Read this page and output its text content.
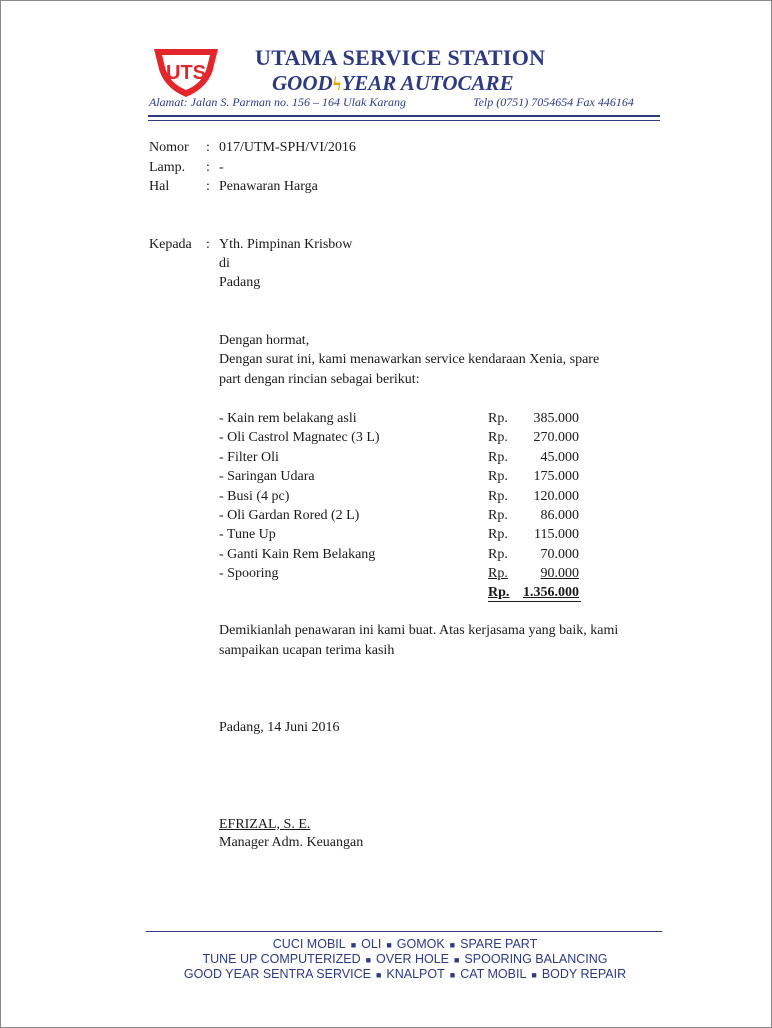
UTS
UTAMA SERVICE STATION
GOODϟYEAR AUTOCARE
Alamat: Jalan S. Parman no. 156 – 164 Ulak Karang	Telp (0751) 7054654 Fax 446164
Nomor : 017/UTM-SPH/VI/2016
Lamp. : -
Hal	: Penawaran Harga
Kepada : Yth. Pimpinan Krisbow
di
Padang
Dengan hormat,
Dengan surat ini, kami menawarkan service kendaraan Xenia, spare
part dengan rincian sebagai berikut:
- Kain rem belakang asli	Rp.	385.000
- Oli Castrol Magnatec (3 L)	Rp.	270.000
- Filter Oli	Rp.	45.000
- Saringan Udara	Rp.	175.000
- Busi (4 pc)	Rp.	120.000
- Oli Gardan Rored (2 L)	Rp.	86.000
- Tune Up	Rp.	115.000
- Ganti Kain Rem Belakang	Rp.	70.000
- Spooring	Rp.	90.000
Rp. 1.356.000
Demikianlah penawaran ini kami buat. Atas kerjasama yang baik, kami
sampaikan ucapan terima kasih
Padang, 14 Juni 2016
EFRIZAL, S. E.
Manager Adm. Keuangan
CUCI MOBIL ■ OLI ■ GOMOK ■ SPARE PART
TUNE UP COMPUTERIZED ■ OVER HOLE ■ SPOORING BALANCING
GOOD YEAR SENTRA SERVICE ■ KNALPOT ■ CAT MOBIL ■ BODY REPAIR
